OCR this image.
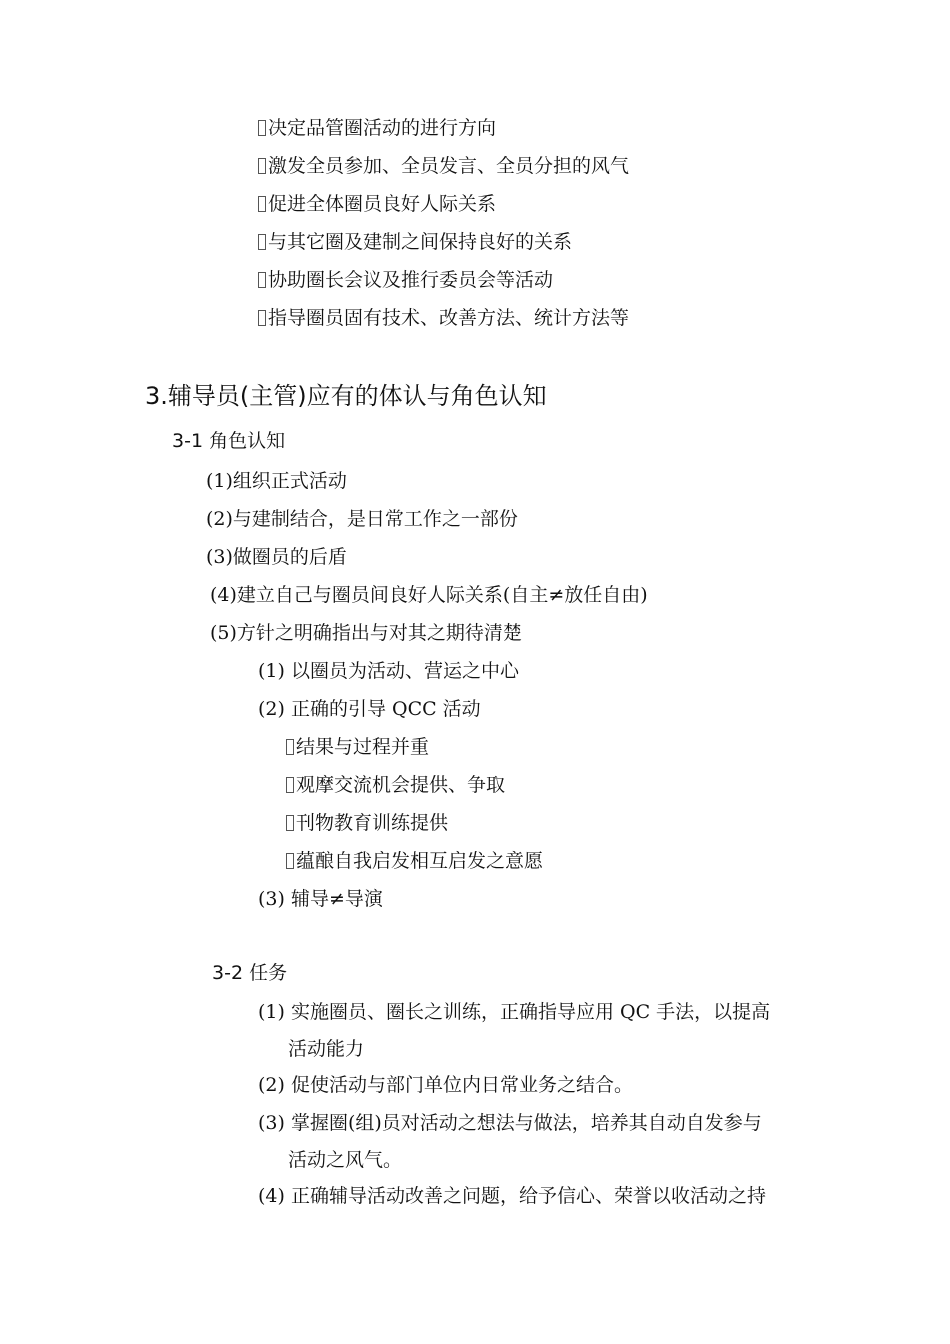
决定品管圈活动的进行方向
激发全员参加、全员发言、全员分担的风气
促进全体圈员良好人际关系
与其它圈及建制之间保持良好的关系
协助圈长会议及推行委员会等活动
指导圈员固有技术、改善方法、统计方法等
3.辅导员(主管)应有的体认与角色认知
3-1 角色认知
(1)组织正式活动
(2)与建制结合，是日常工作之一部份
(3)做圈员的后盾
(4)建立自己与圈员间良好人际关系(自主≠放任自由)
(5)方针之明确指出与对其之期待清楚
(1) 以圈员为活动、营运之中心
(2) 正确的引导 QCC 活动
结果与过程并重
观摩交流机会提供、争取
刊物教育训练提供
蕴酿自我启发相互启发之意愿
(3) 辅导≠导演
3-2 任务
(1) 实施圈员、圈长之训练，正确指导应用 QC 手法，以提高
活动能力
(2) 促使活动与部门单位内日常业务之结合。
(3) 掌握圈(组)员对活动之想法与做法，培养其自动自发参与
活动之风气。
(4) 正确辅导活动改善之问题，给予信心、荣誉以收活动之持
